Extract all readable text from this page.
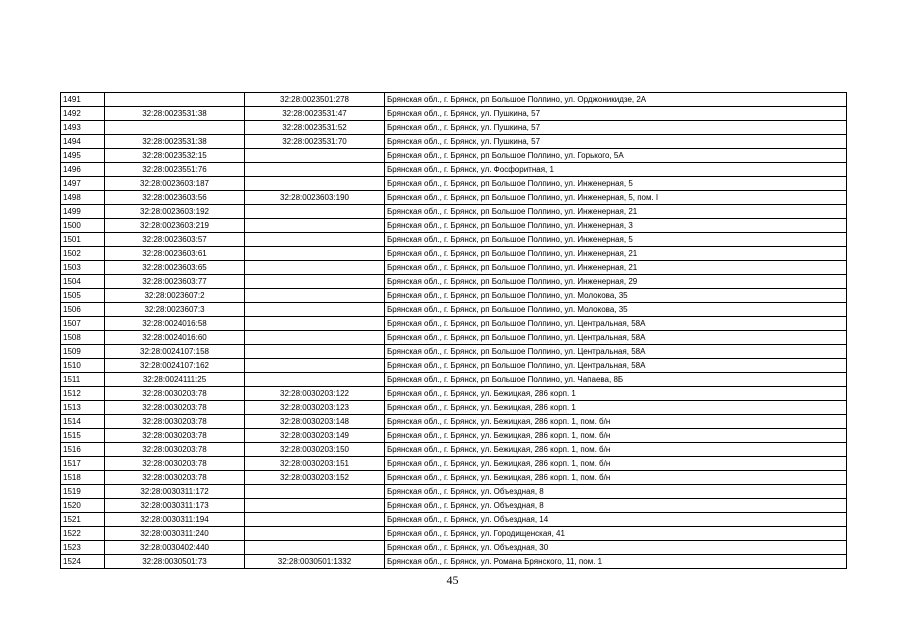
1491		32:28:0023501:278	Брянская обл., г. Брянск, рп Большое Полпино, ул. Орджоникидзе, 2А
1492	32:28:0023531:38	32:28:0023531:47	Брянская обл., г. Брянск, ул. Пушкина, 57
1493		32:28:0023531:52	Брянская обл., г. Брянск, ул. Пушкина, 57
1494	32:28:0023531:38	32:28:0023531:70	Брянская обл., г. Брянск, ул. Пушкина, 57
1495	32:28:0023532:15		Брянская обл., г. Брянск, рп Большое Полпино, ул. Горького, 5А
1496	32:28:0023551:76		Брянская обл., г. Брянск, ул. Фосфоритная, 1
1497	32:28:0023603:187		Брянская обл., г. Брянск, рп Большое Полпино, ул. Инженерная, 5
1498	32:28:0023603:56	32:28:0023603:190	Брянская обл., г. Брянск, рп Большое Полпино, ул. Инженерная, 5, пом. I
1499	32:28:0023603:192		Брянская обл., г. Брянск, рп Большое Полпино, ул. Инженерная, 21
1500	32:28:0023603:219		Брянская обл., г. Брянск, рп Большое Полпино, ул. Инженерная, 3
1501	32:28:0023603:57		Брянская обл., г. Брянск, рп Большое Полпино, ул. Инженерная, 5
1502	32:28:0023603:61		Брянская обл., г. Брянск, рп Большое Полпино, ул. Инженерная, 21
1503	32:28:0023603:65		Брянская обл., г. Брянск, рп Большое Полпино, ул. Инженерная, 21
1504	32:28:0023603:77		Брянская обл., г. Брянск, рп Большое Полпино, ул. Инженерная, 29
1505	32:28:0023607:2		Брянская обл., г. Брянск, рп Большое Полпино, ул. Молокова, 35
1506	32:28:0023607:3		Брянская обл., г. Брянск, рп Большое Полпино, ул. Молокова, 35
1507	32:28:0024016:58		Брянская обл., г. Брянск, рп Большое Полпино, ул. Центральная, 58А
1508	32:28:0024016:60		Брянская обл., г. Брянск, рп Большое Полпино, ул. Центральная, 58А
1509	32:28:0024107:158		Брянская обл., г. Брянск, рп Большое Полпино, ул. Центральная, 58А
1510	32:28:0024107:162		Брянская обл., г. Брянск, рп Большое Полпино, ул. Центральная, 58А
1511	32:28:0024111:25		Брянская обл., г. Брянск, рп Большое Полпино, ул. Чапаева, 8Б
1512	32:28:0030203:78	32:28:0030203:122	Брянская обл., г. Брянск, ул. Бежицкая, 286 корп. 1
1513	32:28:0030203:78	32:28:0030203:123	Брянская обл., г. Брянск, ул. Бежицкая, 286 корп. 1
1514	32:28:0030203:78	32:28:0030203:148	Брянская обл., г. Брянск, ул. Бежицкая, 286 корп. 1, пом. б/н
1515	32:28:0030203:78	32:28:0030203:149	Брянская обл., г. Брянск, ул. Бежицкая, 286 корп. 1, пом. б/н
1516	32:28:0030203:78	32:28:0030203:150	Брянская обл., г. Брянск, ул. Бежицкая, 286 корп. 1, пом. б/н
1517	32:28:0030203:78	32:28:0030203:151	Брянская обл., г. Брянск, ул. Бежицкая, 286 корп. 1, пом. б/н
1518	32:28:0030203:78	32:28:0030203:152	Брянская обл., г. Брянск, ул. Бежицкая, 286 корп. 1, пом. б/н
1519	32:28:0030311:172		Брянская обл., г. Брянск, ул. Объездная, 8
1520	32:28:0030311:173		Брянская обл., г. Брянск, ул. Объездная, 8
1521	32:28:0030311:194		Брянская обл., г. Брянск, ул. Объездная, 14
1522	32:28:0030311:240		Брянская обл., г. Брянск, ул. Городищенская, 41
1523	32:28:0030402:440		Брянская обл., г. Брянск, ул. Объездная, 30
1524	32:28:0030501:73	32:28:0030501:1332	Брянская обл., г. Брянск, ул. Романа Брянского, 11, пом. 1
45
